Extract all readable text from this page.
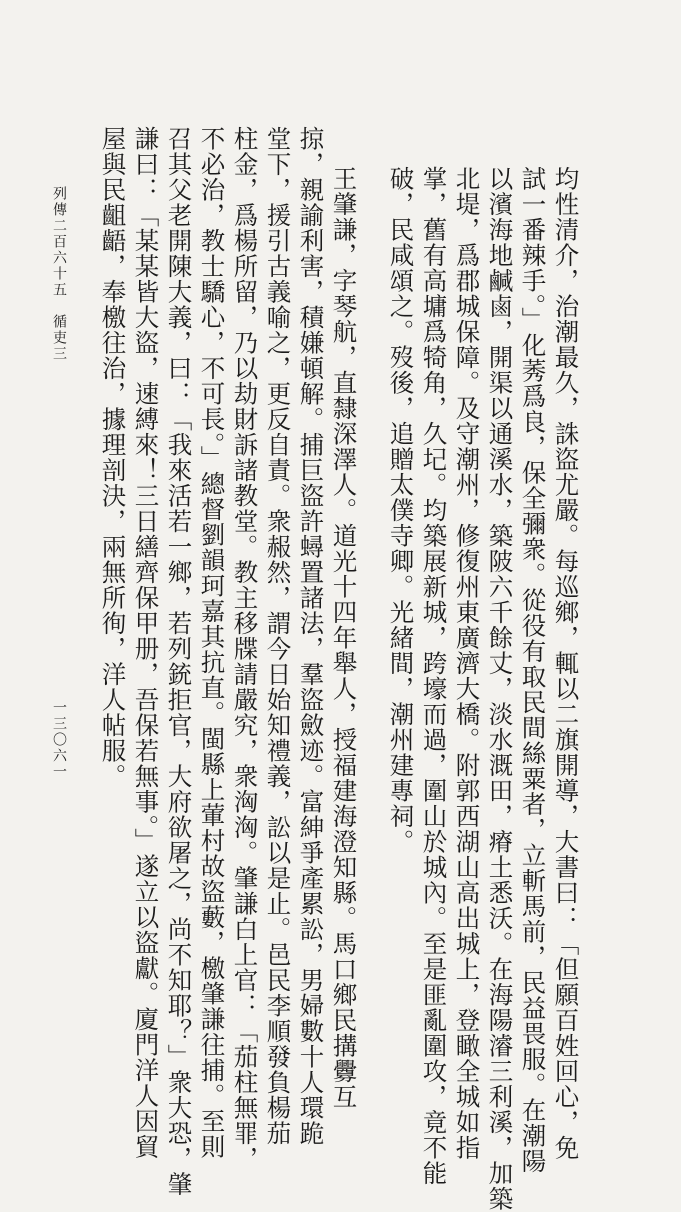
均性清介，治潮最久，誅盜尤嚴。每巡鄉，輒以二旗開導，大書曰：「但願百姓回心，免
試一番辣手。」化莠爲良，保全彌衆。從役有取民間絲粟者，立斬馬前，民益畏服。在潮陽
以濱海地鹹鹵，開渠以通溪水，築陂六千餘丈，淡水溉田，瘠土悉沃。在海陽濬三利溪，加築
北堤，爲郡城保障。及守潮州，修復州東廣濟大橋。附郭西湖山高出城上，登瞰全城如指
掌，舊有高墉爲犄角，久圮。均築展新城，跨壕而過，圍山於城內。至是匪亂圍攻，竟不能
破，民咸頌之。歿後，追贈太僕寺卿。光緒間，潮州建專祠。
王肇謙，字琴航，直隸深澤人。道光十四年舉人，授福建海澄知縣。馬口鄉民搆釁互
掠，親諭利害，積嫌頓解。捕巨盜許蟳置諸法，羣盜斂迹。富紳爭產累訟，男婦數十人環跪
堂下，援引古義喻之，更反自責。衆赧然，謂今日始知禮義，訟以是止。邑民李順發負楊茄
柱金，爲楊所留，乃以劫財訴諸教堂。教主移牒請嚴究，衆洶洶。肇謙白上官：「茄柱無罪，
不必治，教士驕心，不可長。」總督劉韻珂嘉其抗直。閩縣上葷村故盜藪，檄肇謙往捕。至則
召其父老開陳大義，曰：「我來活若一鄉，若列銃拒官，大府欲屠之，尚不知耶？」衆大恐，肇
謙曰：「某某皆大盜，速縛來！三日繕齊保甲册，吾保若無事。」遂立以盜獻。廈門洋人因貿
屋與民齟齬，奉檄往治，據理剖決，兩無所徇，洋人帖服。
列傳二百六十五　循吏三
一三〇六一
